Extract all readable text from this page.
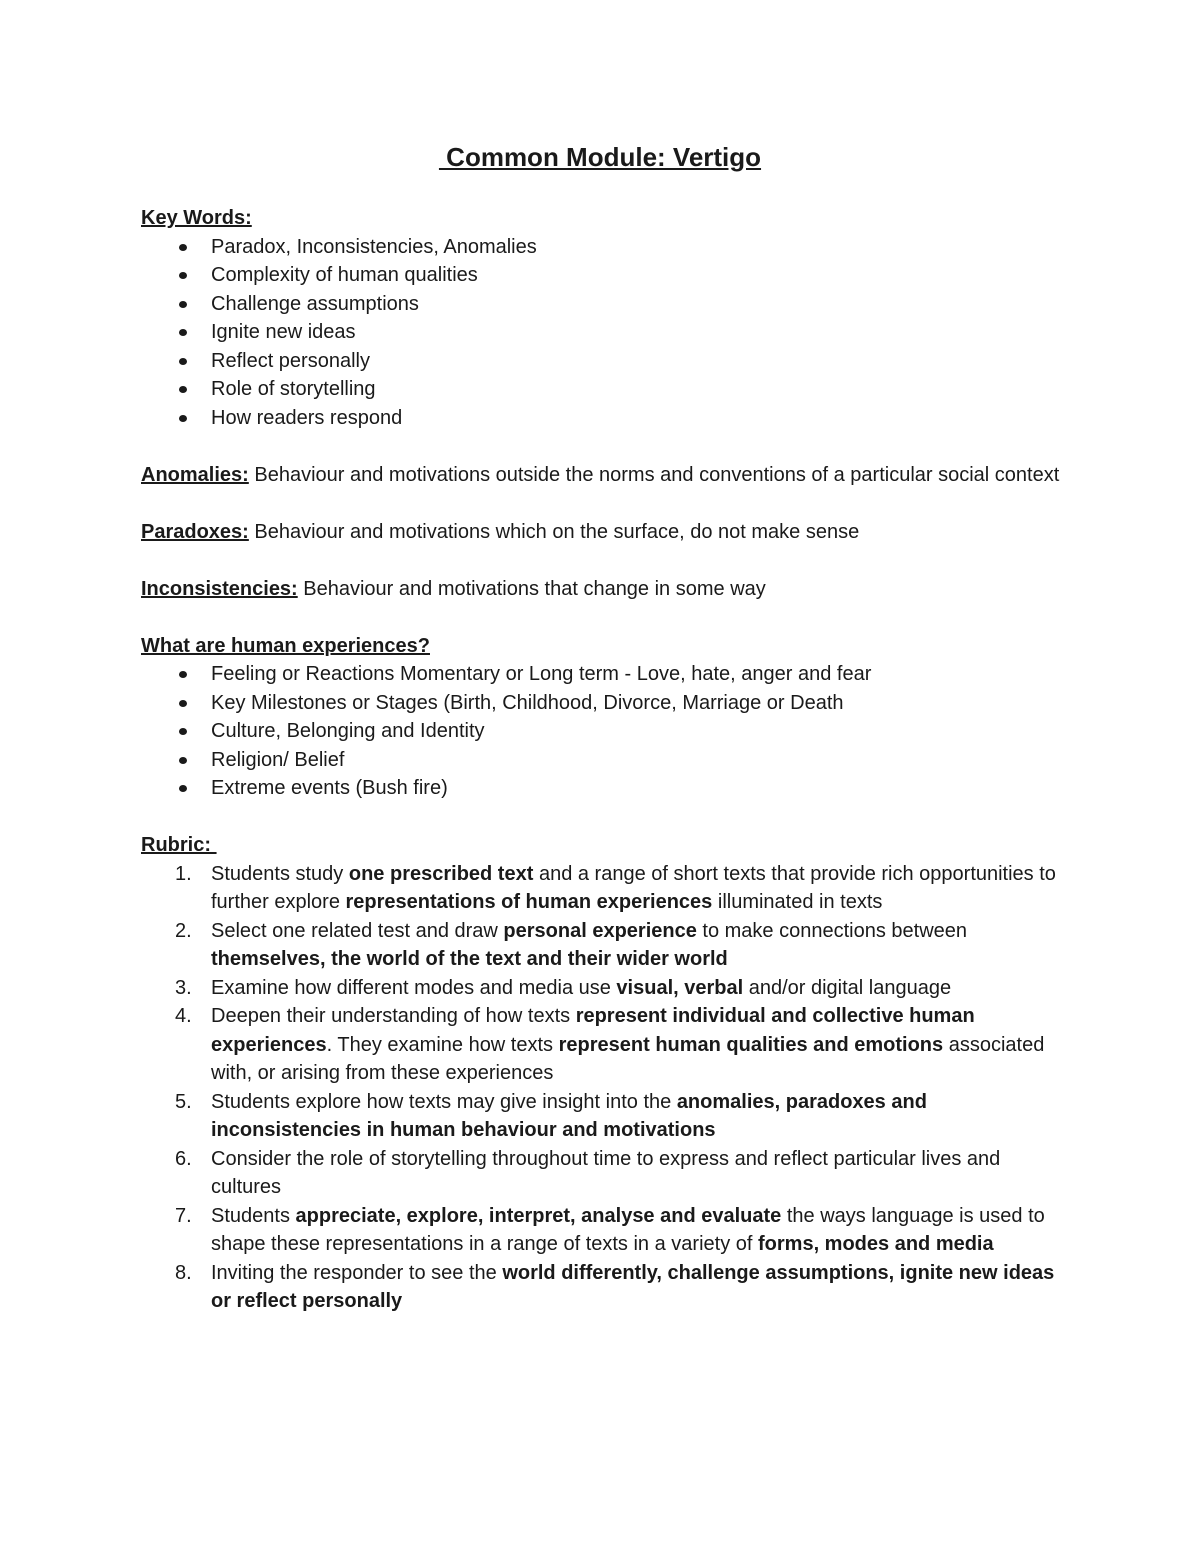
Common Module: Vertigo
Key Words:
Paradox, Inconsistencies, Anomalies
Complexity of human qualities
Challenge assumptions
Ignite new ideas
Reflect personally
Role of storytelling
How readers respond

Anomalies: Behaviour and motivations outside the norms and conventions of a particular social context

Paradoxes: Behaviour and motivations which on the surface, do not make sense

Inconsistencies: Behaviour and motivations that change in some way

What are human experiences?
Feeling or Reactions Momentary or Long term - Love, hate, anger and fear
Key Milestones or Stages (Birth, Childhood, Divorce, Marriage or Death
Culture, Belonging and Identity
Religion/ Belief
Extreme events (Bush fire)
Rubric:
1. Students study one prescribed text and a range of short texts that provide rich opportunities to further explore representations of human experiences illuminated in texts
2. Select one related test and draw personal experience to make connections between themselves, the world of the text and their wider world
3. Examine how different modes and media use visual, verbal and/or digital language
4. Deepen their understanding of how texts represent individual and collective human experiences. They examine how texts represent human qualities and emotions associated with, or arising from these experiences
5. Students explore how texts may give insight into the anomalies, paradoxes and inconsistencies in human behaviour and motivations
6. Consider the role of storytelling throughout time to express and reflect particular lives and cultures
7. Students appreciate, explore, interpret, analyse and evaluate the ways language is used to shape these representations in a range of texts in a variety of forms, modes and media
8. Inviting the responder to see the world differently, challenge assumptions, ignite new ideas or reflect personally
